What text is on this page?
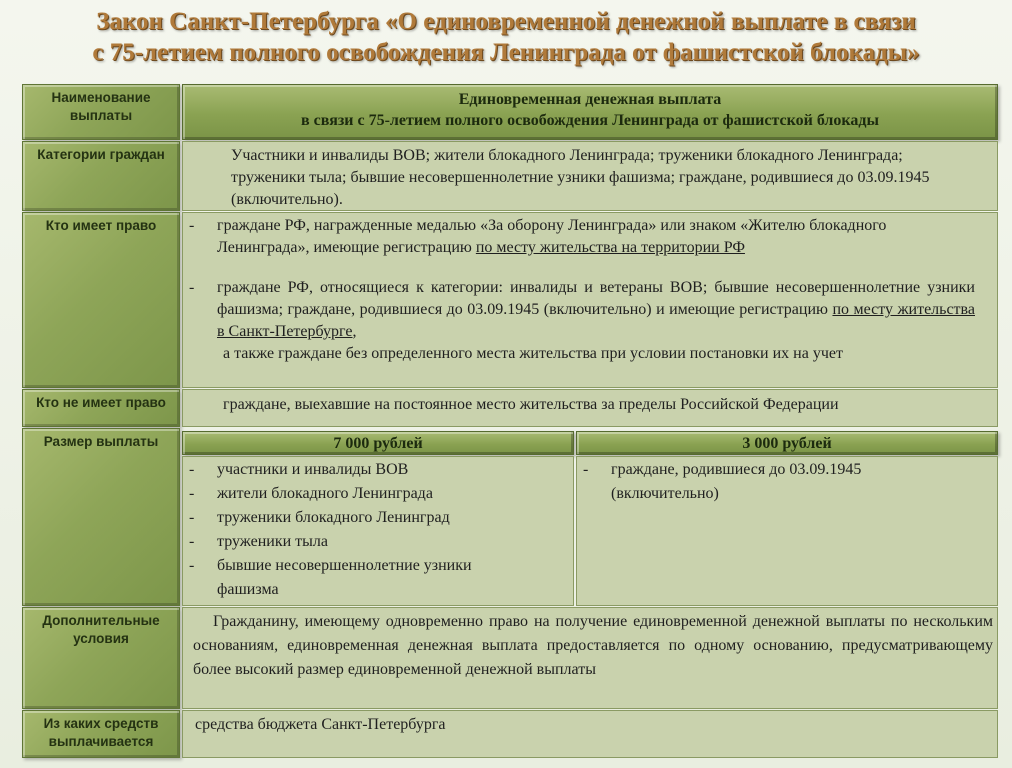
Закон Санкт-Петербурга «О единовременной денежной выплате в связи
с 75-летием полного освобождения Ленинграда от фашистской блокады»
Наименование выплаты
Единовременная денежная выплата
в связи с 75-летием полного освобождения Ленинграда от фашистской блокады
Категории граждан	Участники и инвалиды ВОВ; жители блокадного Ленинграда; труженики блокадного Ленинграда; труженики тыла; бывшие несовершеннолетние узники фашизма; граждане, родившиеся до 03.09.1945 (включительно).
Кто имеет право
-	граждане РФ, награжденные медалью «За оборону Ленинграда» или знаком «Жителю блокадного Ленинграда», имеющие регистрацию по месту жительства на территории РФ
- граждане РФ, относящиеся к категории: инвалиды и ветераны ВОВ; бывшие несовершеннолетние узники фашизма; граждане, родившиеся до 03.09.1945 (включительно) и имеющие регистрацию по месту жительства в Санкт-Петербурге,
а также граждане без определенного места жительства при условии постановки их на учет
Кто не имеет право	граждане, выехавшие на постоянное место жительства за пределы Российской Федерации
Размер выплаты	7 000 рублей	3 000 рублей
- участники и инвалиды ВОВ
- жители блокадного Ленинграда
- труженики блокадного Ленинград
- труженики тыла
- бывшие несовершеннолетние узники фашизма
- граждане, родившиеся до 03.09.1945 (включительно)
Дополнительные условия
Гражданину, имеющему одновременно право на получение единовременной денежной выплаты по нескольким основаниям, единовременная денежная выплата предоставляется по одному основанию, предусматривающему более высокий размер единовременной денежной выплаты
Из каких средств выплачивается
средства бюджета Санкт-Петербурга
